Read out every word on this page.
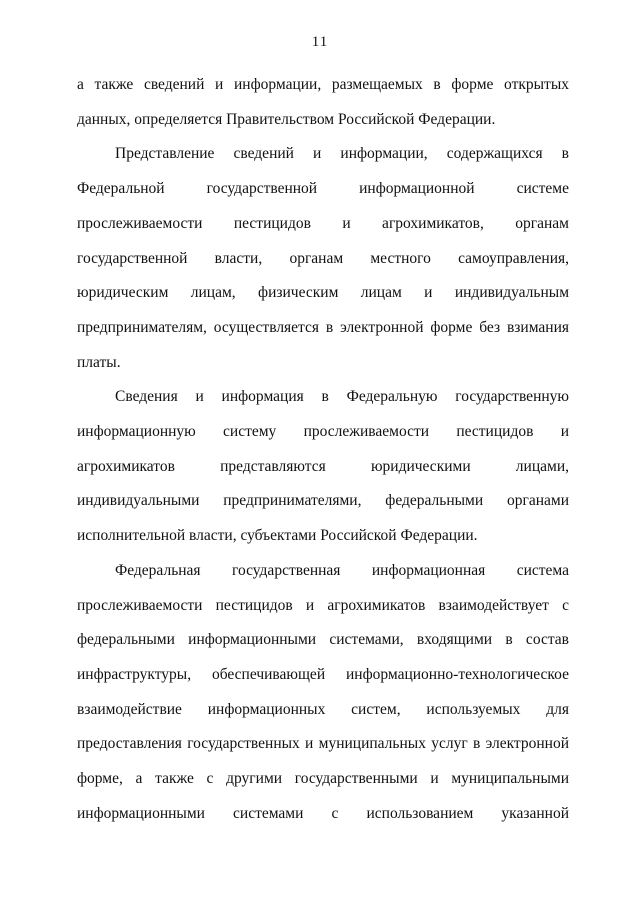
11

а также сведений и информации, размещаемых в форме открытых данных, определяется Правительством Российской Федерации.

Представление сведений и информации, содержащихся в Федеральной государственной информационной системе прослеживаемости пестицидов и агрохимикатов, органам государственной власти, органам местного самоуправления, юридическим лицам, физическим лицам и индивидуальным предпринимателям, осуществляется в электронной форме без взимания платы.

Сведения и информация в Федеральную государственную информационную систему прослеживаемости пестицидов и агрохимикатов представляются юридическими лицами, индивидуальными предпринимателями, федеральными органами исполнительной власти, субъектами Российской Федерации.

Федеральная государственная информационная система прослеживаемости пестицидов и агрохимикатов взаимодействует с федеральными информационными системами, входящими в состав инфраструктуры, обеспечивающей информационно-технологическое взаимодействие информационных систем, используемых для предоставления государственных и муниципальных услуг в электронной форме, а также с другими государственными и муниципальными информационными системами с использованием указанной
